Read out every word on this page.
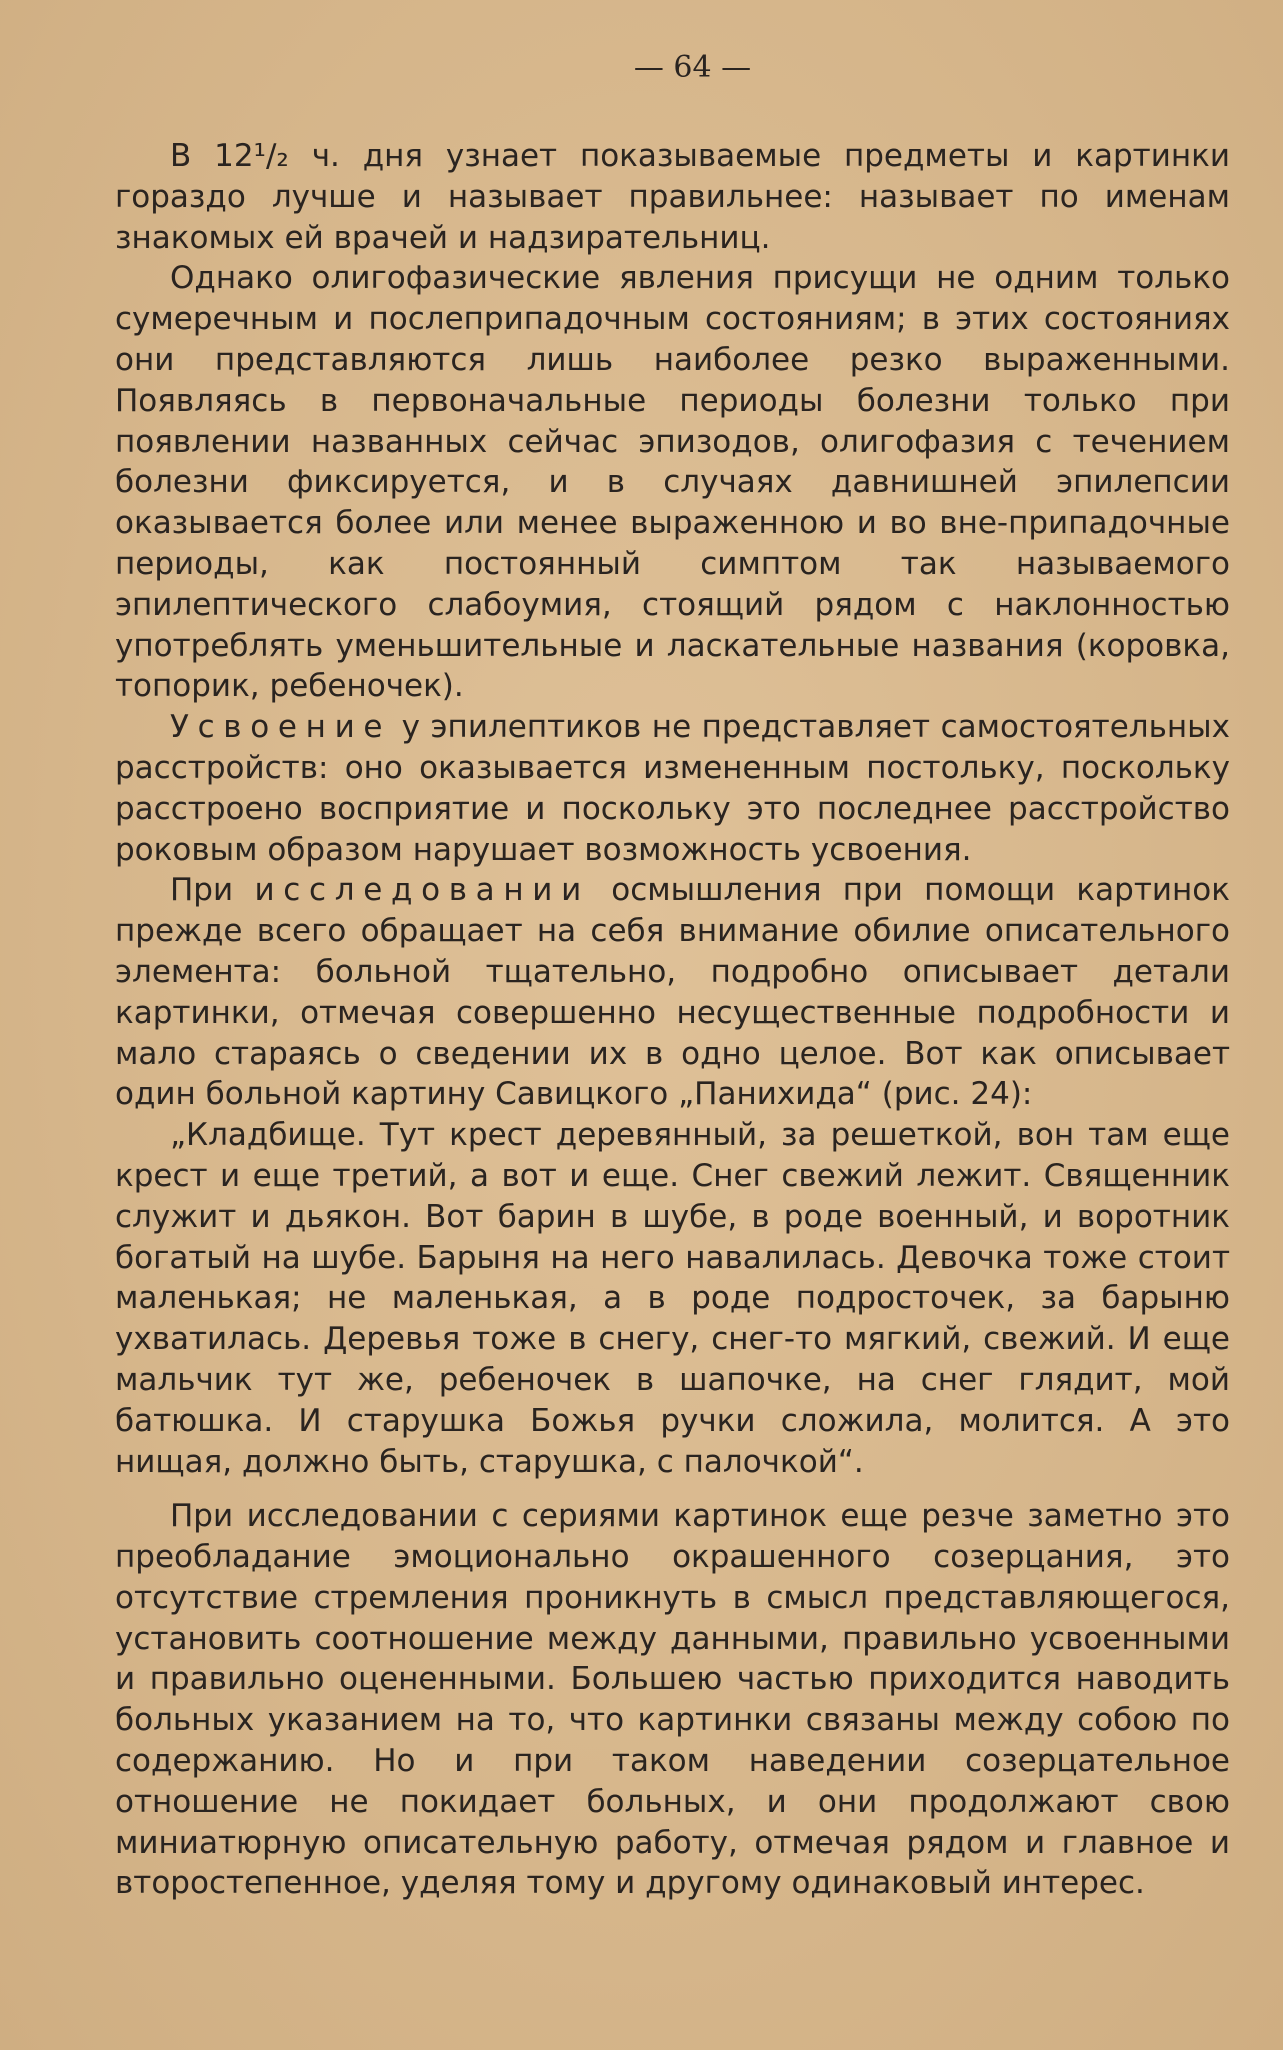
— 64 —

В 12¹/₂ ч. дня узнает показываемые предметы и картинки гораздо лучше и называет правильнее: называет по именам знакомых ей врачей и надзирательниц.

Однако олигофазические явления присущи не одним только сумеречным и послеприпадочным состояниям; в этих состояниях они представляются лишь наиболее резко выраженными. Появляясь в первоначальные периоды болезни только при появлении названных сейчас эпизодов, олигофазия с течением болезни фиксируется, и в случаях давнишней эпилепсии оказывается более или менее выраженною и во вне-припадочные периоды, как постоянный симптом так называемого эпилептического слабоумия, стоящий рядом с наклонностью употреблять уменьшительные и ласкательные названия (коровка, топорик, ребеночек).

Усвоение у эпилептиков не представляет самостоятельных расстройств: оно оказывается измененным постольку, поскольку расстроено восприятие и поскольку это последнее расстройство роковым образом нарушает возможность усвоения.

При исследовании осмышления при помощи картинок прежде всего обращает на себя внимание обилие описательного элемента: больной тщательно, подробно описывает детали картинки, отмечая совершенно несущественные подробности и мало стараясь о сведении их в одно целое. Вот как описывает один больной картину Савицкого „Панихида“ (рис. 24):

„Кладбище. Тут крест деревянный, за решеткой, вон там еще крест и еще третий, а вот и еще. Снег свежий лежит. Священник служит и дьякон. Вот барин в шубе, в роде военный, и воротник богатый на шубе. Барыня на него навалилась. Девочка тоже стоит маленькая; не маленькая, а в роде подросточек, за барыню ухватилась. Деревья тоже в снегу, снег-то мягкий, свежий. И еще мальчик тут же, ребеночек в шапочке, на снег глядит, мой батюшка. И старушка Божья ручки сложила, молится. А это нищая, должно быть, старушка, с палочкой“.

При исследовании с сериями картинок еще резче заметно это преобладание эмоционально окрашенного созерцания, это отсутствие стремления проникнуть в смысл представляющегося, установить соотношение между данными, правильно усвоенными и правильно оцененными. Большею частью приходится наводить больных указанием на то, что картинки связаны между собою по содержанию. Но и при таком наведении созерцательное отношение не покидает больных, и они продолжают свою миниатюрную описательную работу, отмечая рядом и главное и второстепенное, уделяя тому и другому одинаковый интерес.
